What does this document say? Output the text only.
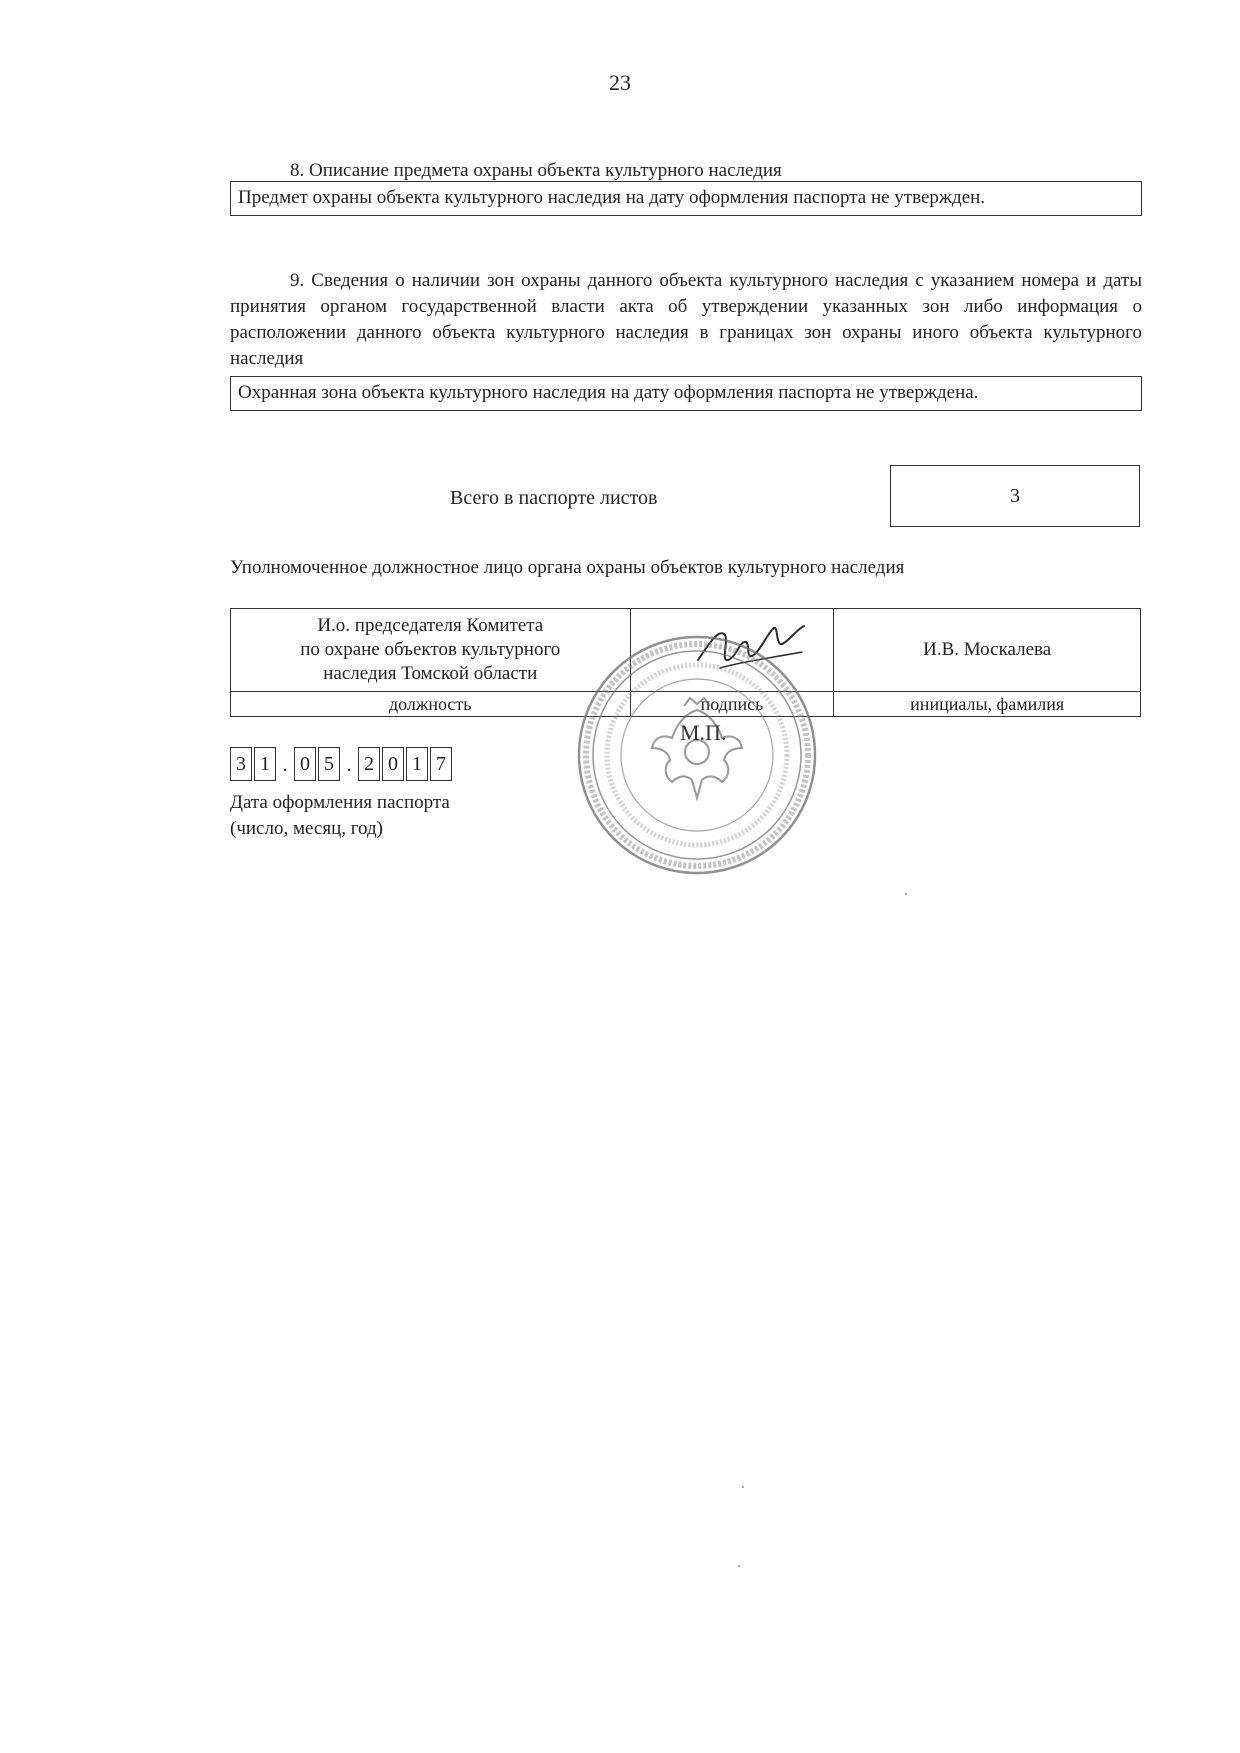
23
8. Описание предмета охраны объекта культурного наследия
Предмет охраны объекта культурного наследия на дату оформления паспорта не утвержден.
9. Сведения о наличии зон охраны данного объекта культурного наследия с указанием номера и даты принятия органом государственной власти акта об утверждении указанных зон либо информация о расположении данного объекта культурного наследия в границах зон охраны иного объекта культурного наследия
Охранная зона объекта культурного наследия на дату оформления паспорта не утверждена.
Всего в паспорте листов	3
Уполномоченное должностное лицо органа охраны объектов культурного наследия
И.о. председателя Комитета
по охране объектов культурного
наследия Томской области		И.В. Москалева
должность	подпись	инициалы, фамилия
3 1 . 0 5 . 2 0 1 7
Дата оформления паспорта
(число, месяц, год)
М.П.
